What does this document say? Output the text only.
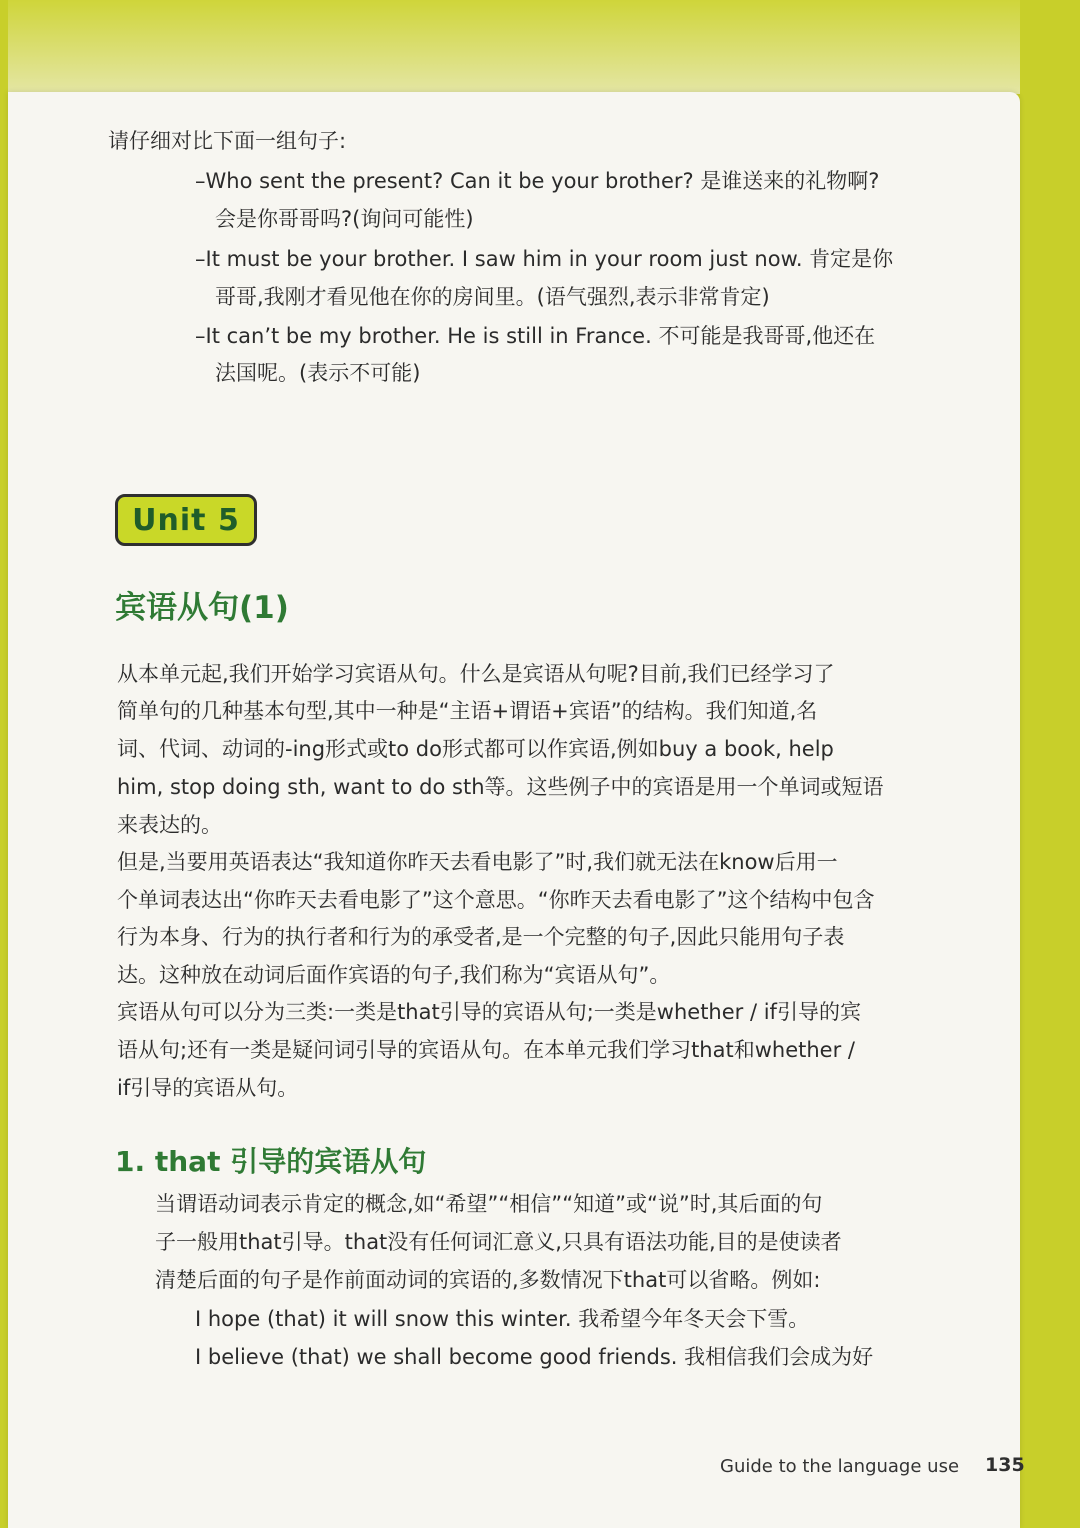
请仔细对比下面一组句子:
–Who sent the present? Can it be your brother? 是谁送来的礼物啊?
会是你哥哥吗?(询问可能性)
–It must be your brother. I saw him in your room just now. 肯定是你
哥哥,我刚才看见他在你的房间里。(语气强烈,表示非常肯定)
–It can’t be my brother. He is still in France. 不可能是我哥哥,他还在
法国呢。(表示不可能)
Unit 5
宾语从句(1)
从本单元起,我们开始学习宾语从句。什么是宾语从句呢?目前,我们已经学习了
简单句的几种基本句型,其中一种是“主语+谓语+宾语”的结构。我们知道,名
词、代词、动词的-ing形式或to do形式都可以作宾语,例如buy a book, help
him, stop doing sth, want to do sth等。这些例子中的宾语是用一个单词或短语
来表达的。
但是,当要用英语表达“我知道你昨天去看电影了”时,我们就无法在know后用一
个单词表达出“你昨天去看电影了”这个意思。“你昨天去看电影了”这个结构中包含
行为本身、行为的执行者和行为的承受者,是一个完整的句子,因此只能用句子表
达。这种放在动词后面作宾语的句子,我们称为“宾语从句”。
宾语从句可以分为三类:一类是that引导的宾语从句;一类是whether / if引导的宾
语从句;还有一类是疑问词引导的宾语从句。在本单元我们学习that和whether /
if引导的宾语从句。
1. that 引导的宾语从句
当谓语动词表示肯定的概念,如“希望”“相信”“知道”或“说”时,其后面的句
子一般用that引导。that没有任何词汇意义,只具有语法功能,目的是使读者
清楚后面的句子是作前面动词的宾语的,多数情况下that可以省略。例如:
I hope (that) it will snow this winter. 我希望今年冬天会下雪。
I believe (that) we shall become good friends. 我相信我们会成为好
Guide to the language use 135
